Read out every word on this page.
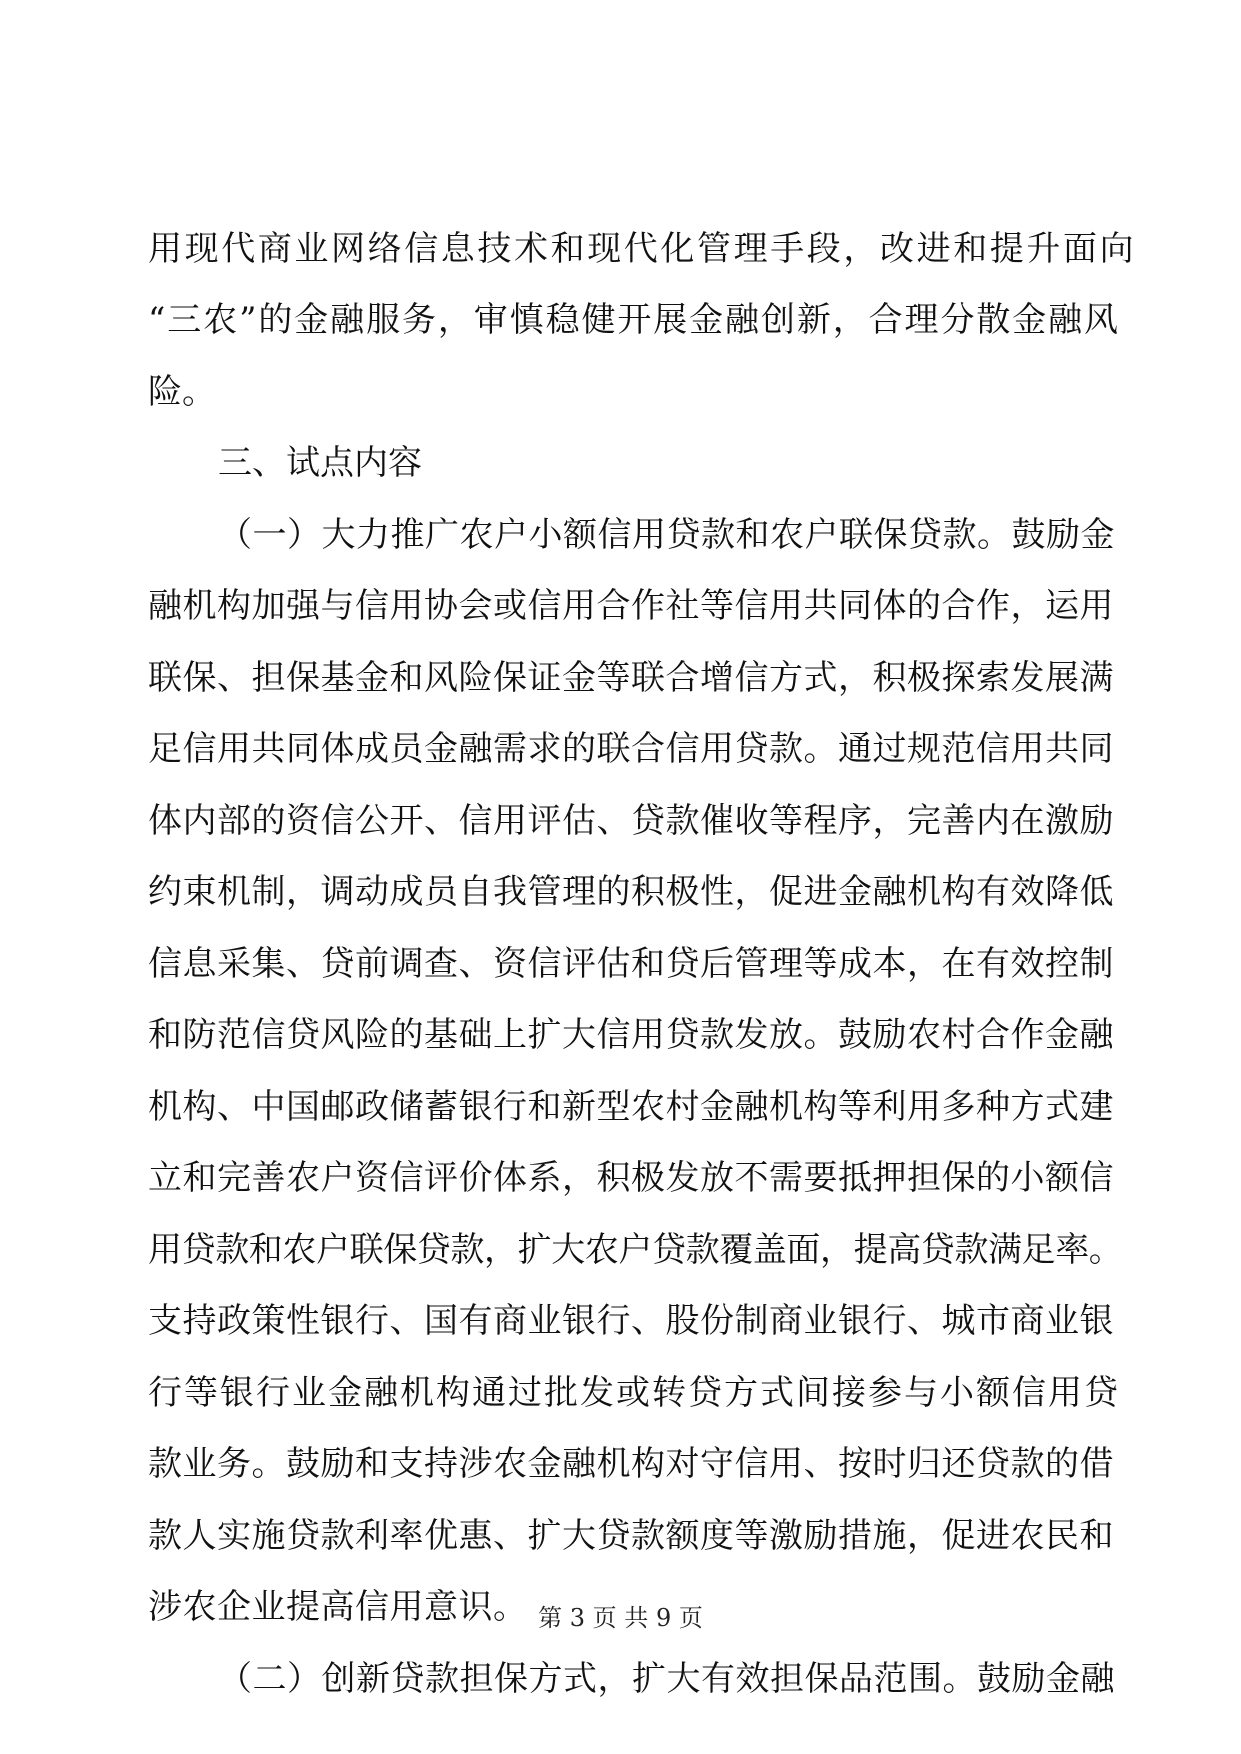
用现代商业网络信息技术和现代化管理手段，改进和提升面向
“三农”的金融服务，审慎稳健开展金融创新，合理分散金融风
险。
三、试点内容
（一）大力推广农户小额信用贷款和农户联保贷款。鼓励金
融机构加强与信用协会或信用合作社等信用共同体的合作，运用
联保、担保基金和风险保证金等联合增信方式，积极探索发展满
足信用共同体成员金融需求的联合信用贷款。通过规范信用共同
体内部的资信公开、信用评估、贷款催收等程序，完善内在激励
约束机制，调动成员自我管理的积极性，促进金融机构有效降低
信息采集、贷前调查、资信评估和贷后管理等成本，在有效控制
和防范信贷风险的基础上扩大信用贷款发放。鼓励农村合作金融
机构、中国邮政储蓄银行和新型农村金融机构等利用多种方式建
立和完善农户资信评价体系，积极发放不需要抵押担保的小额信
用贷款和农户联保贷款，扩大农户贷款覆盖面，提高贷款满足率。
支持政策性银行、国有商业银行、股份制商业银行、城市商业银
行等银行业金融机构通过批发或转贷方式间接参与小额信用贷
款业务。鼓励和支持涉农金融机构对守信用、按时归还贷款的借
款人实施贷款利率优惠、扩大贷款额度等激励措施，促进农民和
涉农企业提高信用意识。
（二）创新贷款担保方式，扩大有效担保品范围。鼓励金融
第 3 页 共 9 页
